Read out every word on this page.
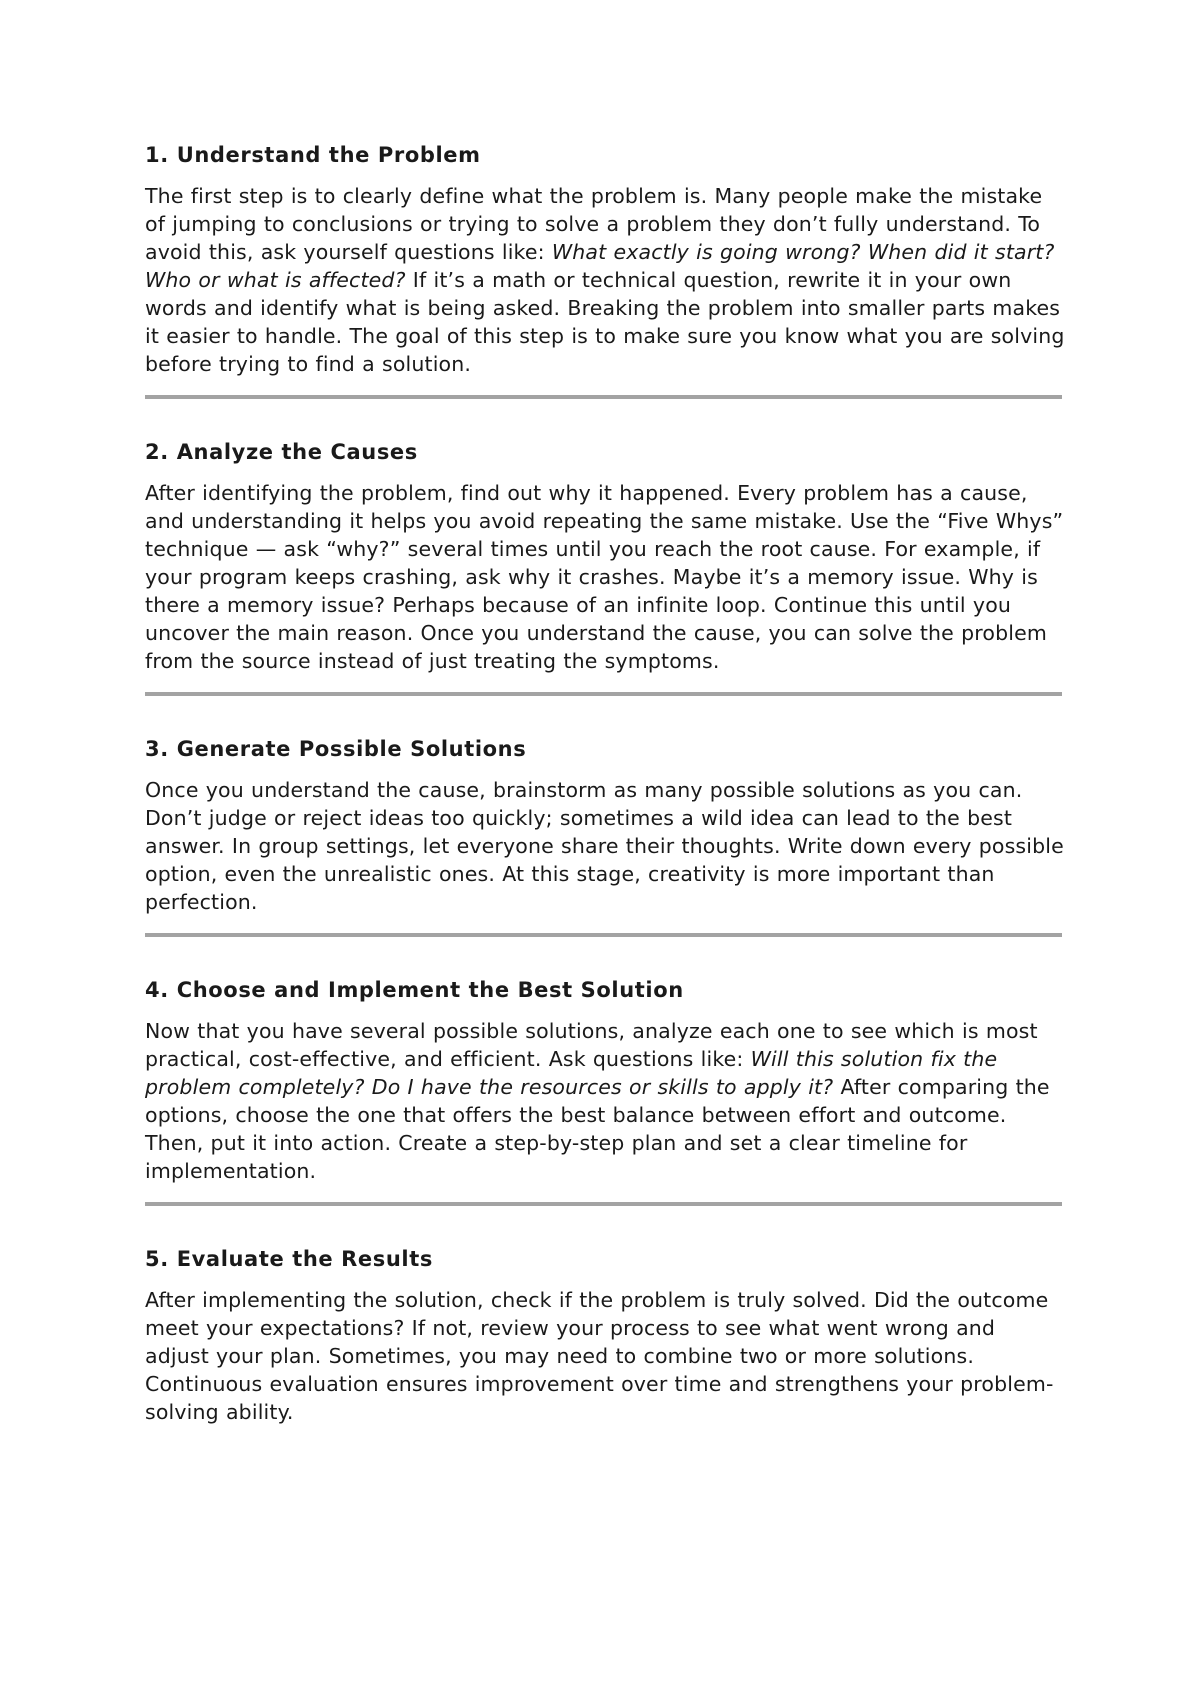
1. Understand the Problem

The first step is to clearly define what the problem is. Many people make the mistake of jumping to conclusions or trying to solve a problem they don’t fully understand. To avoid this, ask yourself questions like: What exactly is going wrong? When did it start? Who or what is affected? If it’s a math or technical question, rewrite it in your own words and identify what is being asked. Breaking the problem into smaller parts makes it easier to handle. The goal of this step is to make sure you know what you are solving before trying to find a solution.

2. Analyze the Causes

After identifying the problem, find out why it happened. Every problem has a cause, and understanding it helps you avoid repeating the same mistake. Use the “Five Whys” technique — ask “why?” several times until you reach the root cause. For example, if your program keeps crashing, ask why it crashes. Maybe it’s a memory issue. Why is there a memory issue? Perhaps because of an infinite loop. Continue this until you uncover the main reason. Once you understand the cause, you can solve the problem from the source instead of just treating the symptoms.

3. Generate Possible Solutions

Once you understand the cause, brainstorm as many possible solutions as you can. Don’t judge or reject ideas too quickly; sometimes a wild idea can lead to the best answer. In group settings, let everyone share their thoughts. Write down every possible option, even the unrealistic ones. At this stage, creativity is more important than perfection.

4. Choose and Implement the Best Solution

Now that you have several possible solutions, analyze each one to see which is most practical, cost-effective, and efficient. Ask questions like: Will this solution fix the problem completely? Do I have the resources or skills to apply it? After comparing the options, choose the one that offers the best balance between effort and outcome. Then, put it into action. Create a step-by-step plan and set a clear timeline for implementation.

5. Evaluate the Results

After implementing the solution, check if the problem is truly solved. Did the outcome meet your expectations? If not, review your process to see what went wrong and adjust your plan. Sometimes, you may need to combine two or more solutions. Continuous evaluation ensures improvement over time and strengthens your problem-solving ability.
